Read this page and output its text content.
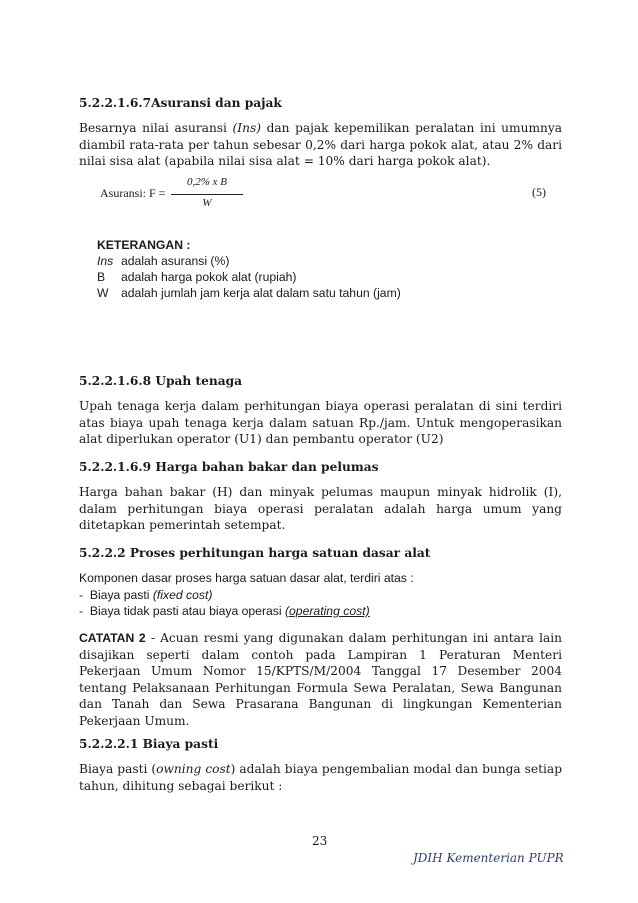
5.2.2.1.6.7Asuransi dan pajak
Besarnya nilai asuransi (Ins) dan pajak kepemilikan peralatan ini umumnya diambil rata-rata per tahun sebesar 0,2% dari harga pokok alat, atau 2% dari nilai sisa alat (apabila nilai sisa alat = 10% dari harga pokok alat).
Asuransi: F =
0,2% x B
W
(5)
KETERANGAN :
Ins adalah asuransi (%)
B adalah harga pokok alat (rupiah)
W adalah jumlah jam kerja alat dalam satu tahun (jam)
5.2.2.1.6.8 Upah tenaga
Upah tenaga kerja dalam perhitungan biaya operasi peralatan di sini terdiri atas biaya upah tenaga kerja dalam satuan Rp./jam. Untuk mengoperasikan alat diperlukan operator (U1) dan pembantu operator (U2)
5.2.2.1.6.9 Harga bahan bakar dan pelumas
Harga bahan bakar (H) dan minyak pelumas maupun minyak hidrolik (I), dalam perhitungan biaya operasi peralatan adalah harga umum yang ditetapkan pemerintah setempat.
5.2.2.2 Proses perhitungan harga satuan dasar alat
Komponen dasar proses harga satuan dasar alat, terdiri atas :
-  Biaya pasti (fixed cost)
-  Biaya tidak pasti atau biaya operasi (operating cost)
CATATAN 2 - Acuan resmi yang digunakan dalam perhitungan ini antara lain disajikan seperti dalam contoh pada Lampiran 1 Peraturan Menteri Pekerjaan Umum Nomor 15/KPTS/M/2004 Tanggal 17 Desember 2004 tentang Pelaksanaan Perhitungan Formula Sewa Peralatan, Sewa Bangunan dan Tanah dan Sewa Prasarana Bangunan di lingkungan Kementerian Pekerjaan Umum.
5.2.2.2.1 Biaya pasti
Biaya pasti (owning cost) adalah biaya pengembalian modal dan bunga setiap tahun, dihitung sebagai berikut :
23
JDIH Kementerian PUPR
